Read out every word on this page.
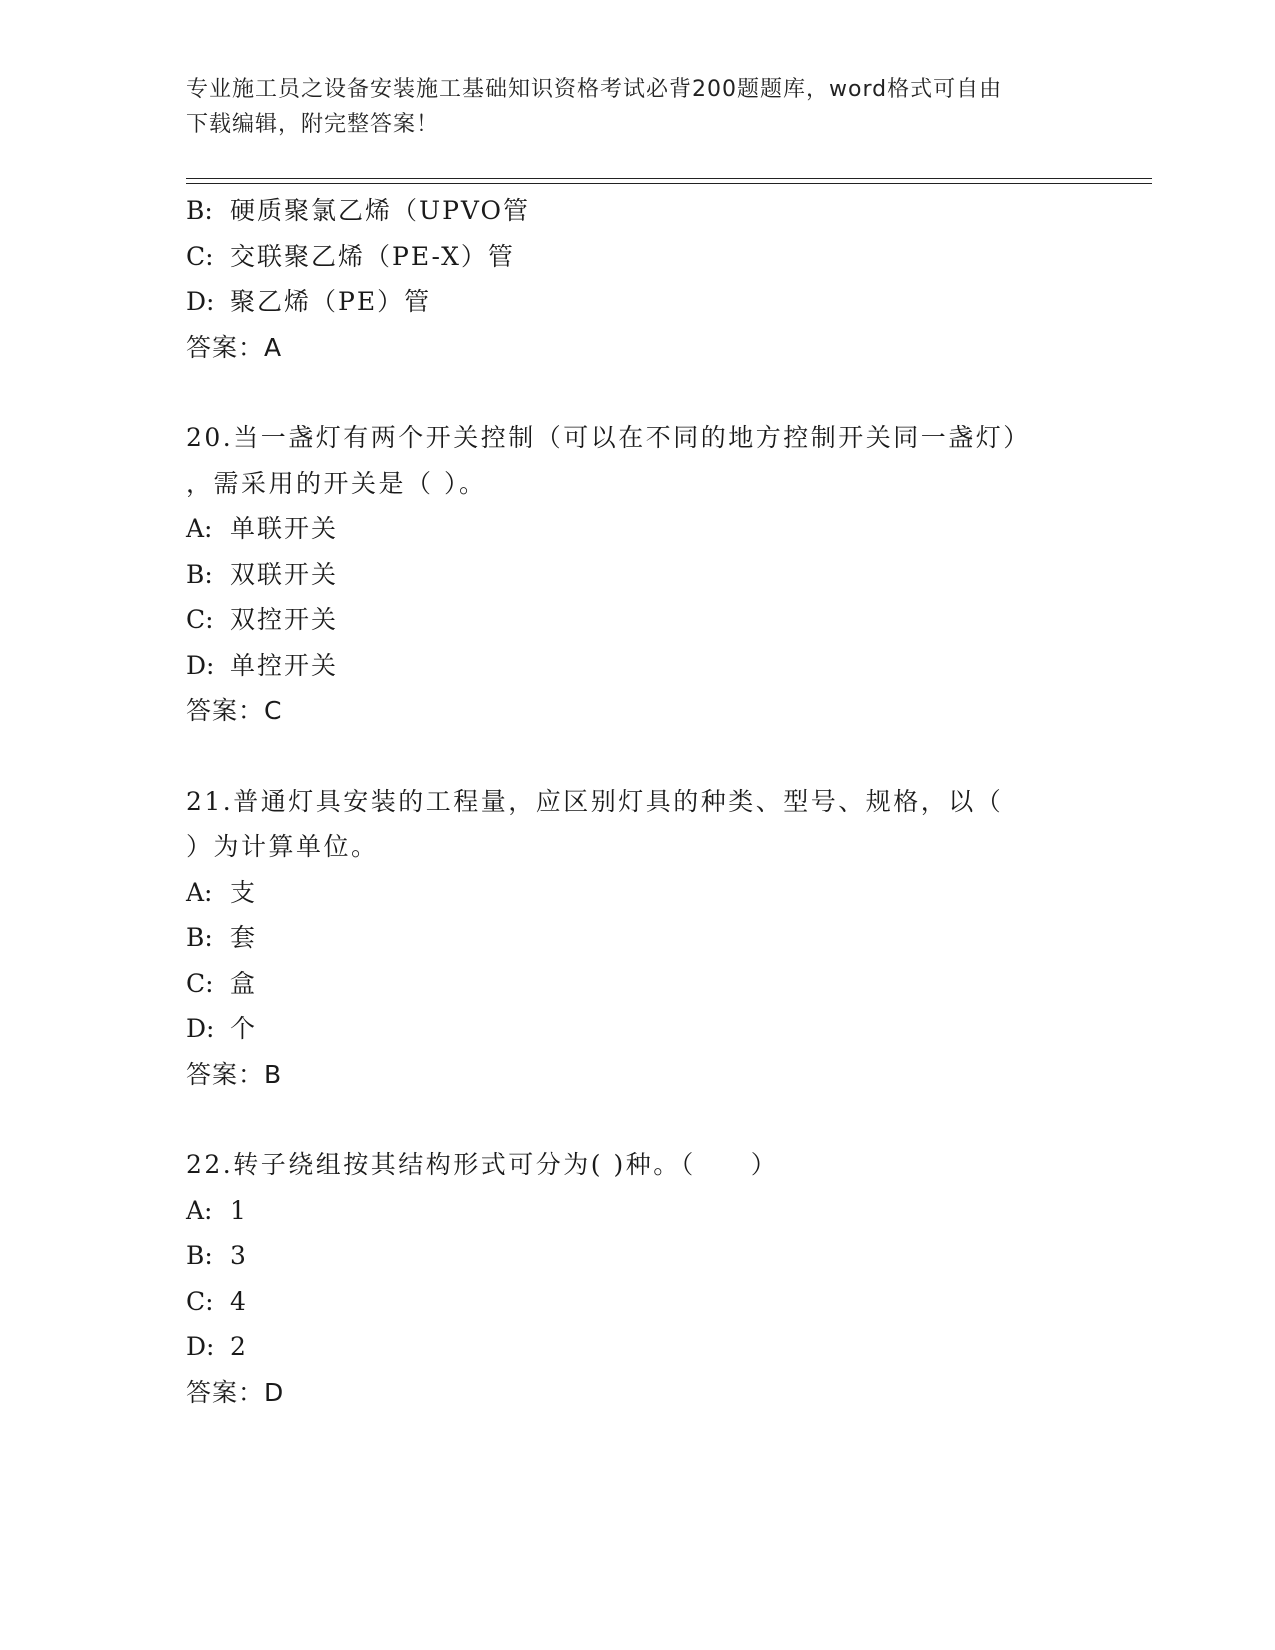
专业施工员之设备安装施工基础知识资格考试必背200题题库，word格式可自由
下载编辑，附完整答案！
B: 硬质聚氯乙烯（UPVO管
C: 交联聚乙烯（PE-X）管
D: 聚乙烯（PE）管
答案：A
20.当一盏灯有两个开关控制（可以在不同的地方控制开关同一盏灯）
，需采用的开关是（ ）。
A: 单联开关
B: 双联开关
C: 双控开关
D: 单控开关
答案：C
21.普通灯具安装的工程量，应区别灯具的种类、型号、规格，以（
）为计算单位。
A: 支
B: 套
C: 盒
D: 个
答案：B
22.转子绕组按其结构形式可分为( )种。（　　）
A: 1
B: 3
C: 4
D: 2
答案：D
